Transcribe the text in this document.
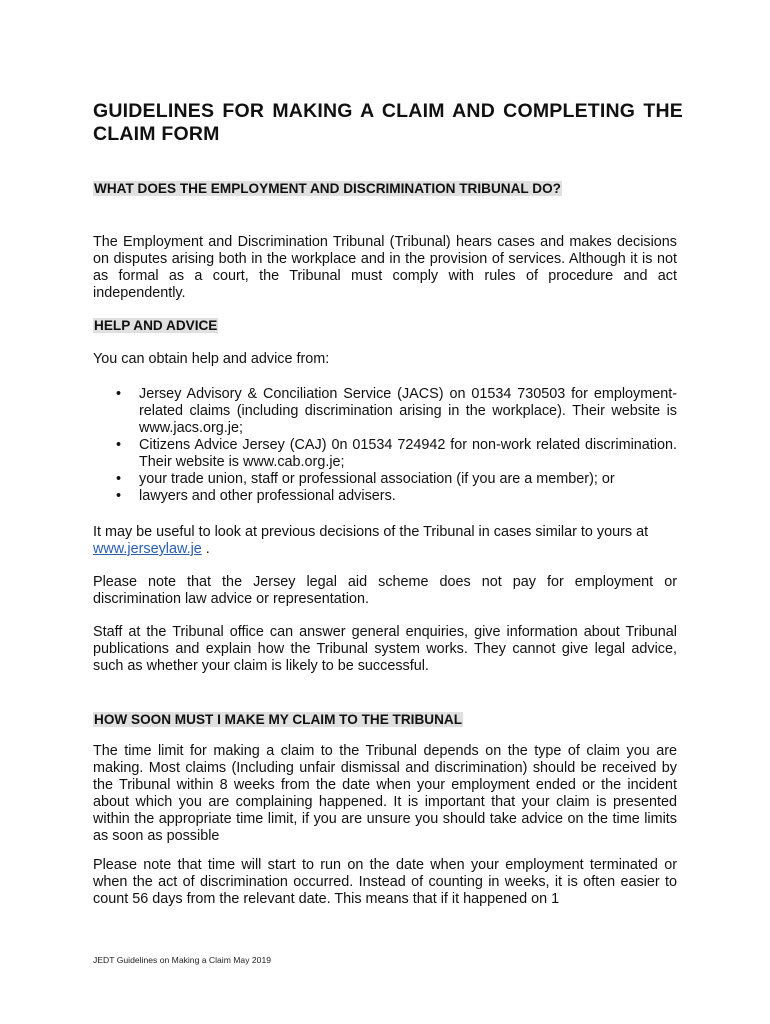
GUIDELINES FOR MAKING A CLAIM AND COMPLETING THE CLAIM FORM

WHAT DOES THE EMPLOYMENT AND DISCRIMINATION TRIBUNAL DO?

The Employment and Discrimination Tribunal (Tribunal) hears cases and makes decisions on disputes arising both in the workplace and in the provision of services. Although it is not as formal as a court, the Tribunal must comply with rules of procedure and act independently.

HELP AND ADVICE

You can obtain help and advice from:

• Jersey Advisory & Conciliation Service (JACS) on 01534 730503 for employment-related claims (including discrimination arising in the workplace). Their website is www.jacs.org.je;
• Citizens Advice Jersey (CAJ) 0n 01534 724942 for non-work related discrimination. Their website is www.cab.org.je;
• your trade union, staff or professional association (if you are a member); or
• lawyers and other professional advisers.

It may be useful to look at previous decisions of the Tribunal in cases similar to yours at www.jerseylaw.je .

Please note that the Jersey legal aid scheme does not pay for employment or discrimination law advice or representation.

Staff at the Tribunal office can answer general enquiries, give information about Tribunal publications and explain how the Tribunal system works. They cannot give legal advice, such as whether your claim is likely to be successful.

HOW SOON MUST I MAKE MY CLAIM TO THE TRIBUNAL

The time limit for making a claim to the Tribunal depends on the type of claim you are making. Most claims (Including unfair dismissal and discrimination) should be received by the Tribunal within 8 weeks from the date when your employment ended or the incident about which you are complaining happened. It is important that your claim is presented within the appropriate time limit, if you are unsure you should take advice on the time limits as soon as possible

Please note that time will start to run on the date when your employment terminated or when the act of discrimination occurred. Instead of counting in weeks, it is often easier to count 56 days from the relevant date. This means that if it happened on 1

JEDT Guidelines on Making a Claim May 2019
